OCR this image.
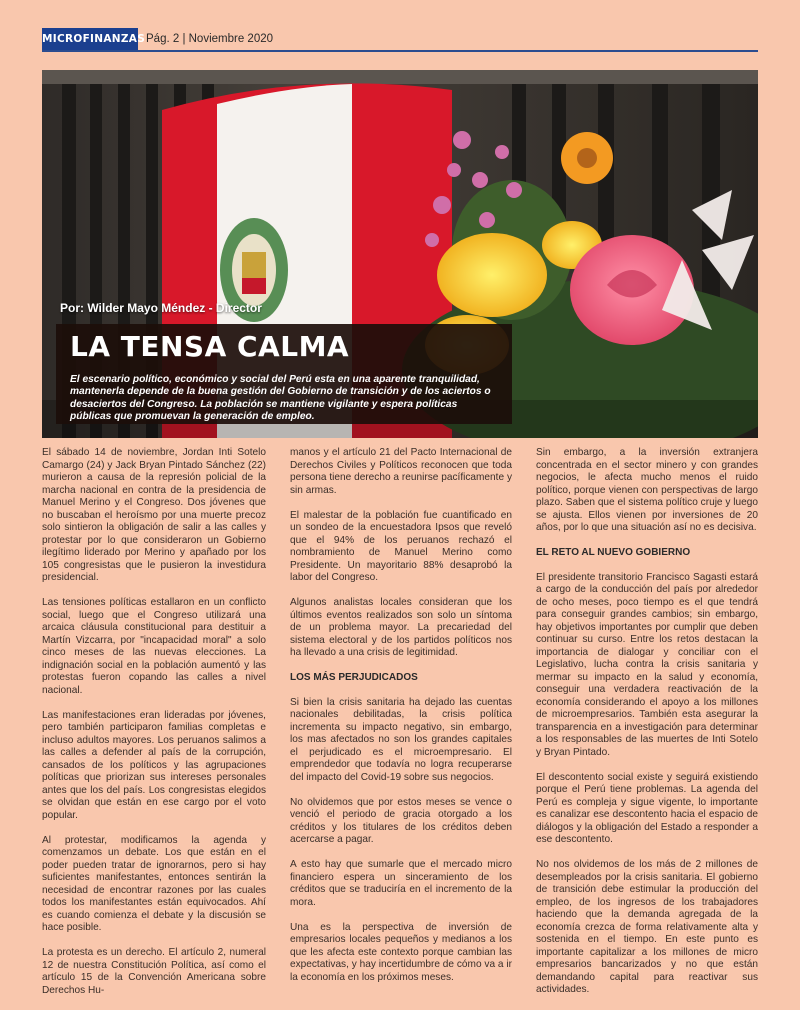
MICROFINANZAS Pág. 2 | Noviembre 2020
Por: Wilder Mayo Méndez - Director
LA TENSA CALMA
El escenario político, económico y social del Perú esta en una aparente tranquilidad, mantenerla depende de la buena gestión del Gobierno de transición y de los aciertos o desaciertos del Congreso. La población se mantiene vigilante y espera políticas públicas que promuevan la generación de empleo.

El sábado 14 de noviembre, Jordan Inti Sotelo Camargo (24) y Jack Bryan Pintado Sánchez (22) murieron a causa de la represión policial de la marcha nacional en contra de la presidencia de Manuel Merino y el Congreso. Dos jóvenes que no buscaban el heroísmo por una muerte precoz solo sintieron la obligación de salir a las calles y protestar por lo que consideraron un Gobierno ilegítimo liderado por Merino y apañado por los 105 congresistas que le pusieron la investidura presidencial.

Las tensiones políticas estallaron en un conflicto social, luego que el Congreso utilizará una arcaica cláusula constitucional para destituir a Martín Vizcarra, por "incapacidad moral" a solo cinco meses de las nuevas elecciones. La indignación social en la población aumentó y las protestas fueron copando las calles a nivel nacional.

Las manifestaciones eran lideradas por jóvenes, pero también participaron familias completas e incluso adultos mayores. Los peruanos salimos a las calles a defender al país de la corrupción, cansados de los políticos y las agrupaciones políticas que priorizan sus intereses personales antes que los del país. Los congresistas elegidos se olvidan que están en ese cargo por el voto popular.

Al protestar, modificamos la agenda y comenzamos un debate. Los que están en el poder pueden tratar de ignorarnos, pero si hay suficientes manifestantes, entonces sentirán la necesidad de encontrar razones por las cuales todos los manifestantes están equivocados. Ahí es cuando comienza el debate y la discusión se hace posible.

La protesta es un derecho. El artículo 2, numeral 12 de nuestra Constitución Política, así como el artículo 15 de la Convención Americana sobre Derechos Hu-

manos y el artículo 21 del Pacto Internacional de Derechos Civiles y Políticos reconocen que toda persona tiene derecho a reunirse pacíficamente y sin armas.

El malestar de la población fue cuantificado en un sondeo de la encuestadora Ipsos que reveló que el 94% de los peruanos rechazó el nombramiento de Manuel Merino como Presidente. Un mayoritario 88% desaprobó la labor del Congreso.

Algunos analistas locales consideran que los últimos eventos realizados son solo un síntoma de un problema mayor. La precariedad del sistema electoral y de los partidos políticos nos ha llevado a una crisis de legitimidad.

LOS MÁS PERJUDICADOS

Si bien la crisis sanitaria ha dejado las cuentas nacionales debilitadas, la crisis política incrementa su impacto negativo, sin embargo, los mas afectados no son los grandes capitales el perjudicado es el microempresario. El emprendedor que todavía no logra recuperarse del impacto del Covid-19 sobre sus negocios.

No olvidemos que por estos meses se vence o venció el periodo de gracia otorgado a los créditos y los titulares de los créditos deben acercarse a pagar.

A esto hay que sumarle que el mercado micro financiero espera un sinceramiento de los créditos que se traduciría en el incremento de la mora.

Una es la perspectiva de inversión de empresarios locales pequeños y medianos a los que les afecta este contexto porque cambian las expectativas, y hay incertidumbre de cómo va a ir la economía en los próximos meses.

Sin embargo, a la inversión extranjera concentrada en el sector minero y con grandes negocios, le afecta mucho menos el ruido político, porque vienen con perspectivas de largo plazo. Saben que el sistema político cruje y luego se ajusta. Ellos vienen por inversiones de 20 años, por lo que una situación así no es decisiva.

EL RETO AL NUEVO GOBIERNO

El presidente transitorio Francisco Sagasti estará a cargo de la conducción del país por alrededor de ocho meses, poco tiempo es el que tendrá para conseguir grandes cambios; sin embargo, hay objetivos importantes por cumplir que deben continuar su curso. Entre los retos destacan la importancia de dialogar y conciliar con el Legislativo, lucha contra la crisis sanitaria y mermar su impacto en la salud y economía, conseguir una verdadera reactivación de la economía considerando el apoyo a los millones de microempresarios. También esta asegurar la transparencia en a investigación para determinar a los responsables de las muertes de Inti Sotelo y Bryan Pintado.

El descontento social existe y seguirá existiendo porque el Perú tiene problemas. La agenda del Perú es compleja y sigue vigente, lo importante es canalizar ese descontento hacia el espacio de diálogos y la obligación del Estado a responder a ese descontento.

No nos olvidemos de los más de 2 millones de desempleados por la crisis sanitaria. El gobierno de transición debe estimular la producción del empleo, de los ingresos de los trabajadores haciendo que la demanda agregada de la economía crezca de forma relativamente alta y sostenida en el tiempo. En este punto es importante capitalizar a los millones de micro empresarios bancarizados y no que están demandando capital para reactivar sus actividades.
